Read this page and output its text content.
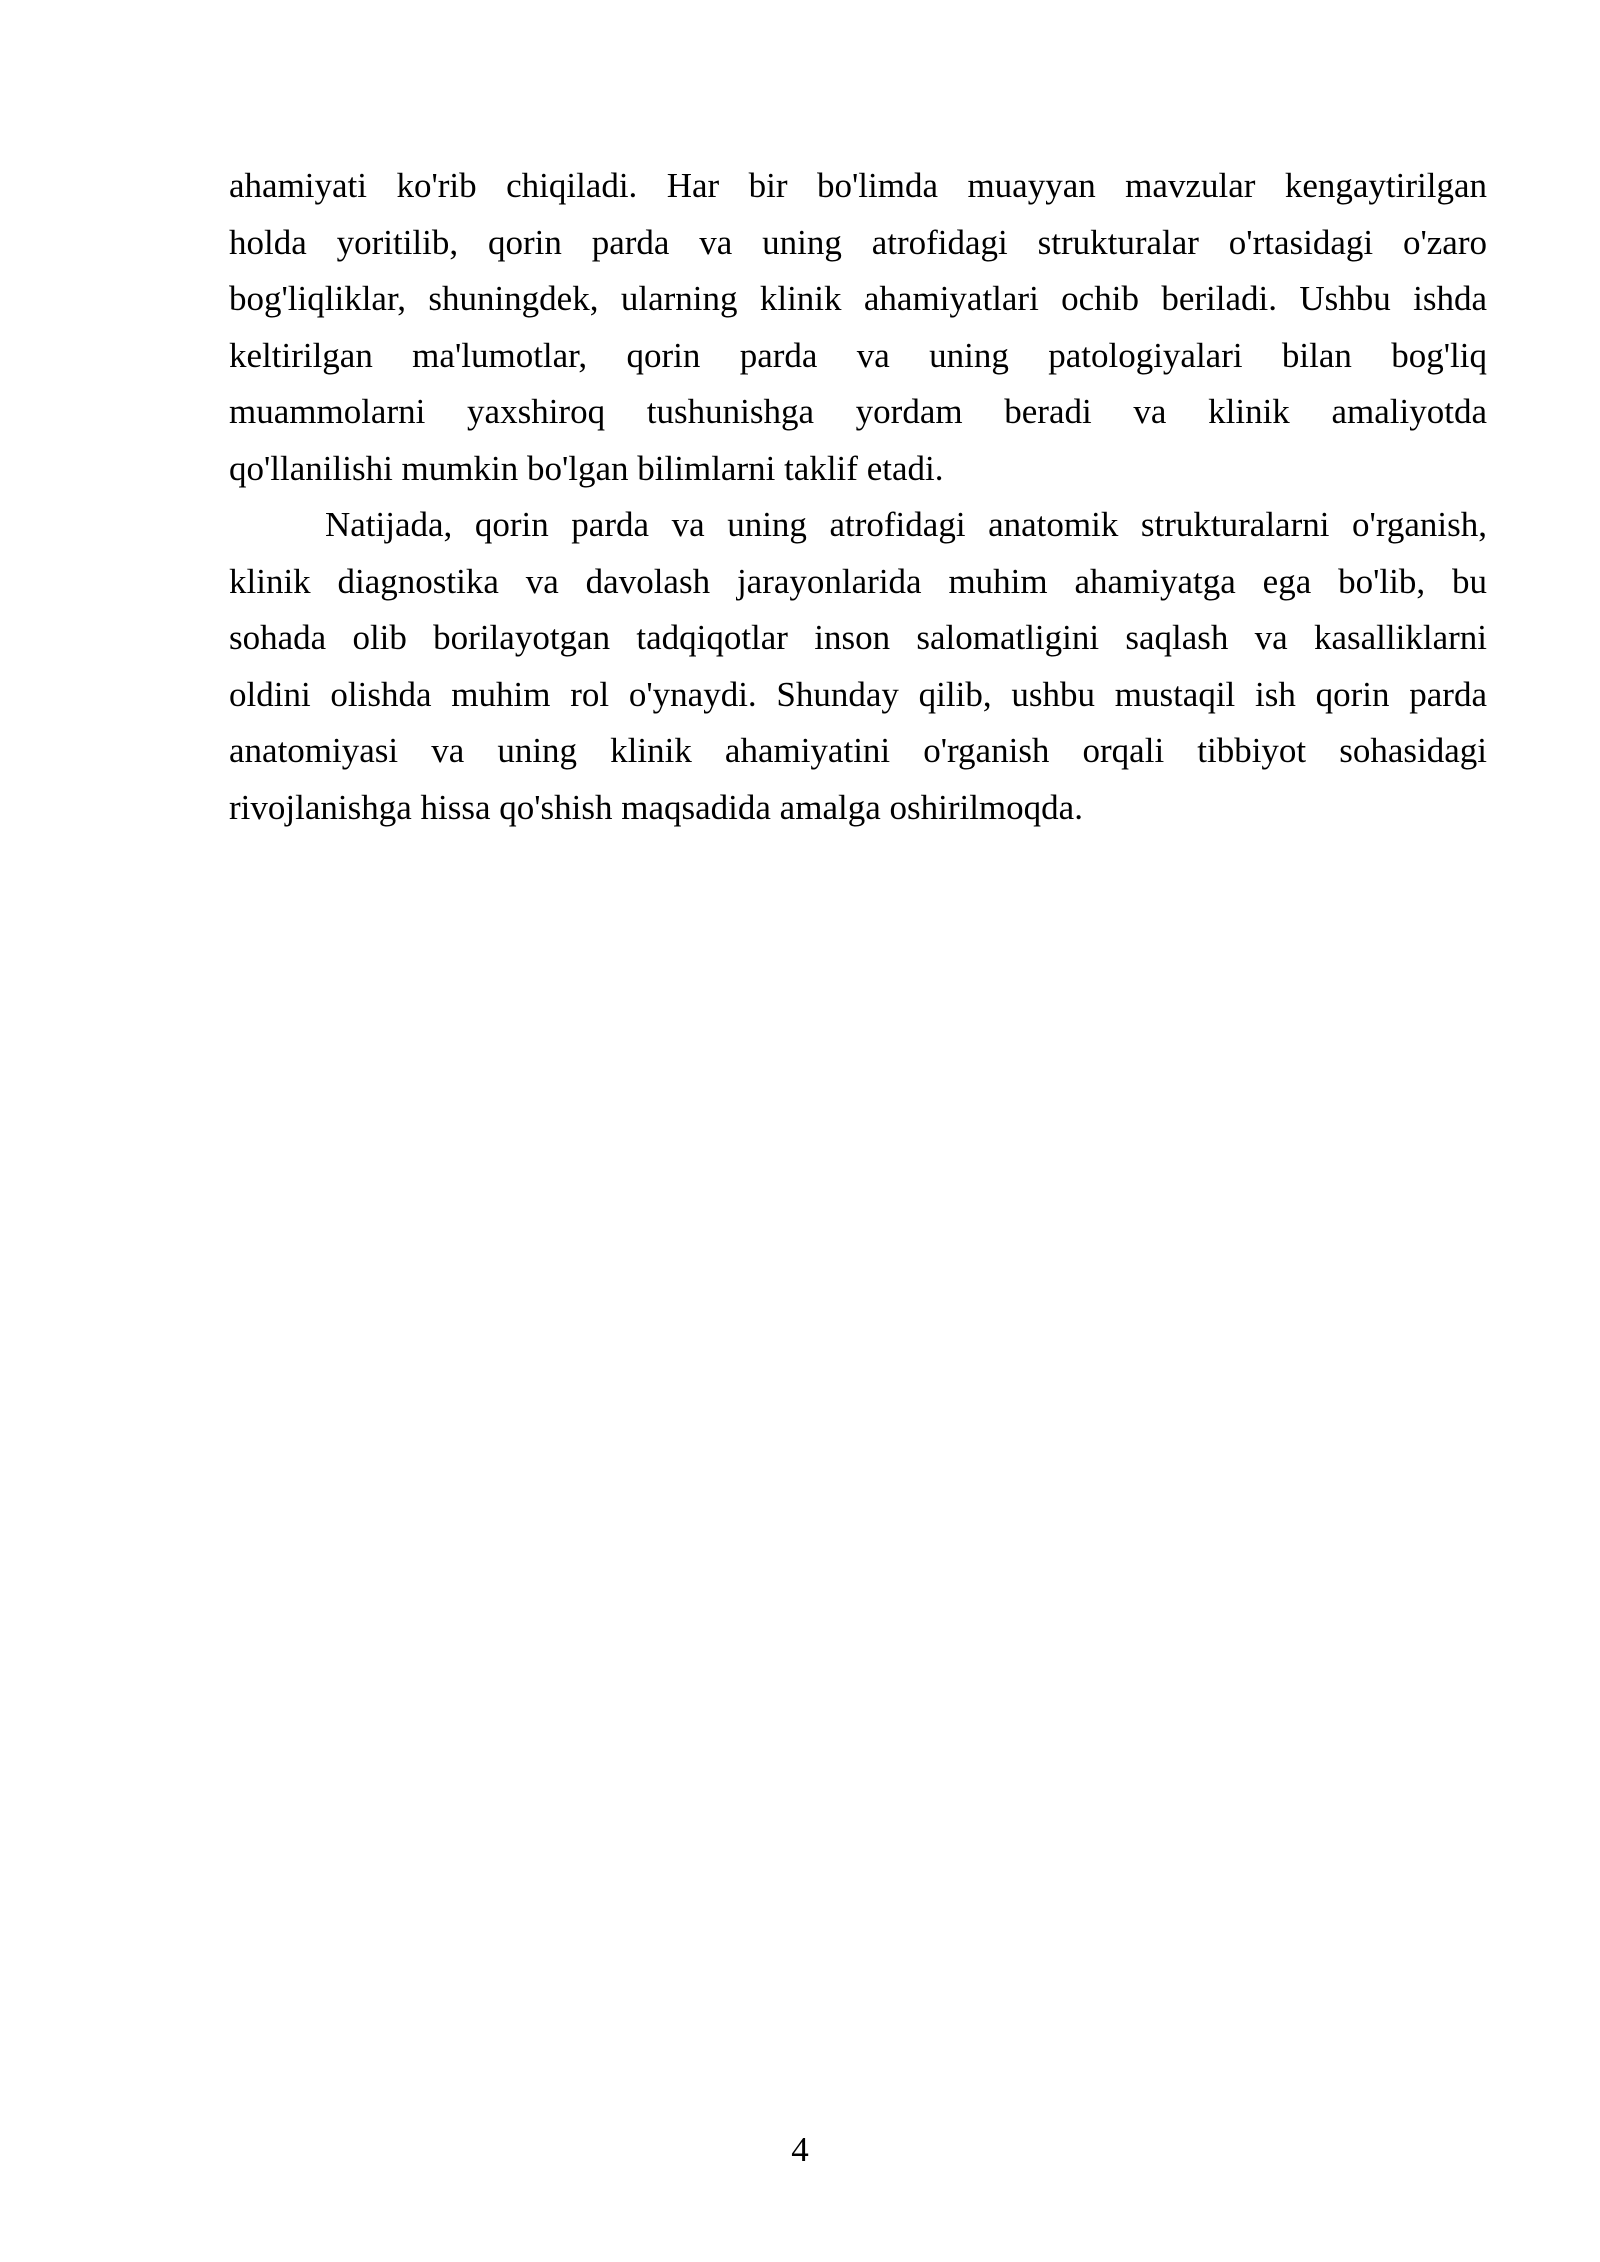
ahamiyati ko'rib chiqiladi. Har bir bo'limda muayyan mavzular kengaytirilgan
holda yoritilib, qorin parda va uning atrofidagi strukturalar o'rtasidagi o'zaro
bog'liqliklar, shuningdek, ularning klinik ahamiyatlari ochib beriladi. Ushbu ishda
keltirilgan ma'lumotlar, qorin parda va uning patologiyalari bilan bog'liq
muammolarni yaxshiroq tushunishga yordam beradi va klinik amaliyotda
qo'llanilishi mumkin bo'lgan bilimlarni taklif etadi.
Natijada, qorin parda va uning atrofidagi anatomik strukturalarni o'rganish,
klinik diagnostika va davolash jarayonlarida muhim ahamiyatga ega bo'lib, bu
sohada olib borilayotgan tadqiqotlar inson salomatligini saqlash va kasalliklarni
oldini olishda muhim rol o'ynaydi. Shunday qilib, ushbu mustaqil ish qorin parda
anatomiyasi va uning klinik ahamiyatini o'rganish orqali tibbiyot sohasidagi
rivojlanishga hissa qo'shish maqsadida amalga oshirilmoqda.
4
